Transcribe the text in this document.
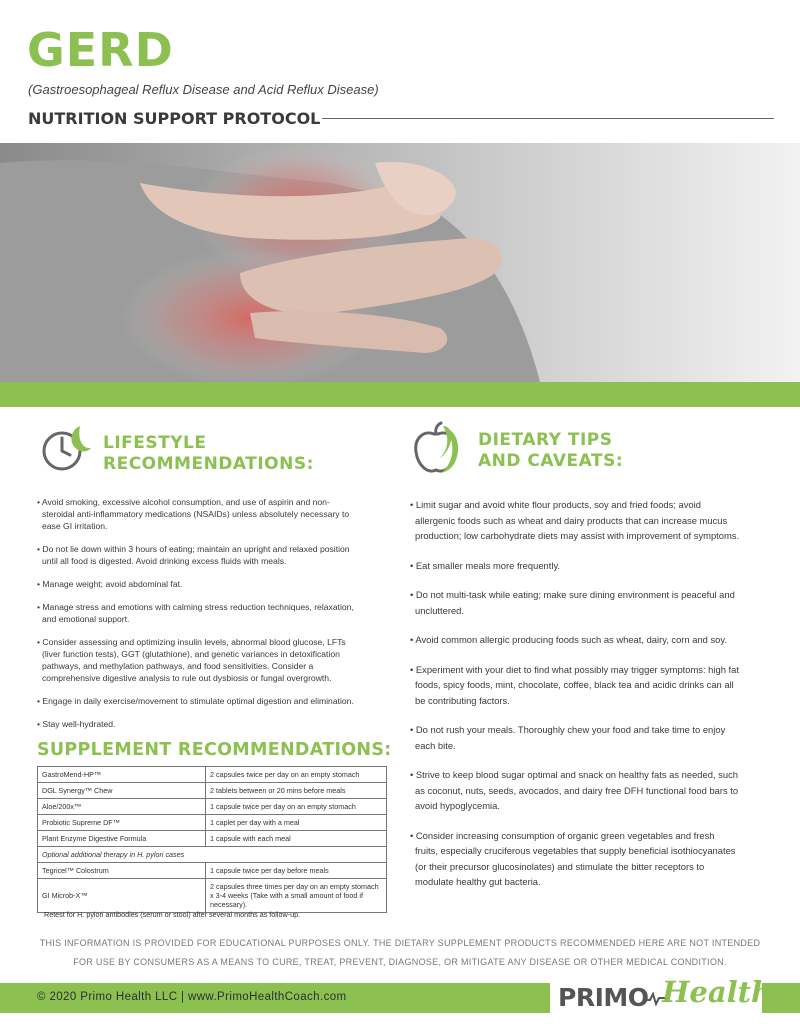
GERD
(Gastroesophageal Reflux Disease and Acid Reflux Disease)
NUTRITION SUPPORT PROTOCOL
LIFESTYLE
RECOMMENDATIONS:
• Avoid smoking, excessive alcohol consumption, and use of aspirin and non-steroidal anti-inflammatory medications (NSAIDs) unless absolutely necessary to ease GI irritation.
• Do not lie down within 3 hours of eating; maintain an upright and relaxed position until all food is digested. Avoid drinking excess fluids with meals.
• Manage weight; avoid abdominal fat.
• Manage stress and emotions with calming stress reduction techniques, relaxation, and emotional support.
• Consider assessing and optimizing insulin levels, abnormal blood glucose, LFTs (liver function tests), GGT (glutathione), and genetic variances in detoxification pathways, and methylation pathways, and food sensitivities. Consider a comprehensive digestive analysis to rule out dysbiosis or fungal overgrowth.
• Engage in daily exercise/movement to stimulate optimal digestion and elimination.
• Stay well-hydrated.
SUPPLEMENT RECOMMENDATIONS:
GastroMend-HP™	2 capsules twice per day on an empty stomach
DGL Synergy™ Chew	2 tablets between or 20 mins before meals
Aloe/200x™	1 capsule twice per day on an empty stomach
Probiotic Supreme DF™	1 caplet per day with a meal
Plant Enzyme Digestive Formula	1 capsule with each meal
Optional additional therapy in H. pylori cases	
Tegricel™ Colostrum	1 capsule twice per day before meals
GI Microb-X™	2 capsules three times per day on an empty stomach x 3-4 weeks (Take with a small amount of food if necessary).
Retest for H. pylori antibodies (serum or stool) after several months as follow-up.
DIETARY TIPS
AND CAVEATS:
• Limit sugar and avoid white flour products, soy and fried foods; avoid allergenic foods such as wheat and dairy products that can increase mucus production; low carbohydrate diets may assist with improvement of symptoms.
• Eat smaller meals more frequently.
• Do not multi-task while eating; make sure dining environment is peaceful and uncluttered.
• Avoid common allergic producing foods such as wheat, dairy, corn and soy.
• Experiment with your diet to find what possibly may trigger symptoms: high fat foods, spicy foods, mint, chocolate, coffee, black tea and acidic drinks can all be contributing factors.
• Do not rush your meals. Thoroughly chew your food and take time to enjoy each bite.
• Strive to keep blood sugar optimal and snack on healthy fats as needed, such as coconut, nuts, seeds, avocados, and dairy free DFH functional food bars to avoid hypoglycemia.
• Consider increasing consumption of organic green vegetables and fresh fruits, especially cruciferous vegetables that supply beneficial isothiocyanates (or their precursor glucosinolates) and stimulate the bitter receptors to modulate healthy gut bacteria.
THIS INFORMATION IS PROVIDED FOR EDUCATIONAL PURPOSES ONLY. THE DIETARY SUPPLEMENT PRODUCTS RECOMMENDED HERE ARE NOT INTENDED FOR USE BY CONSUMERS AS A MEANS TO CURE, TREAT, PREVENT, DIAGNOSE, OR MITIGATE ANY DISEASE OR OTHER MEDICAL CONDITION.
© 2020 Primo Health LLC | www.PrimoHealthCoach.com	PRIMO Health
